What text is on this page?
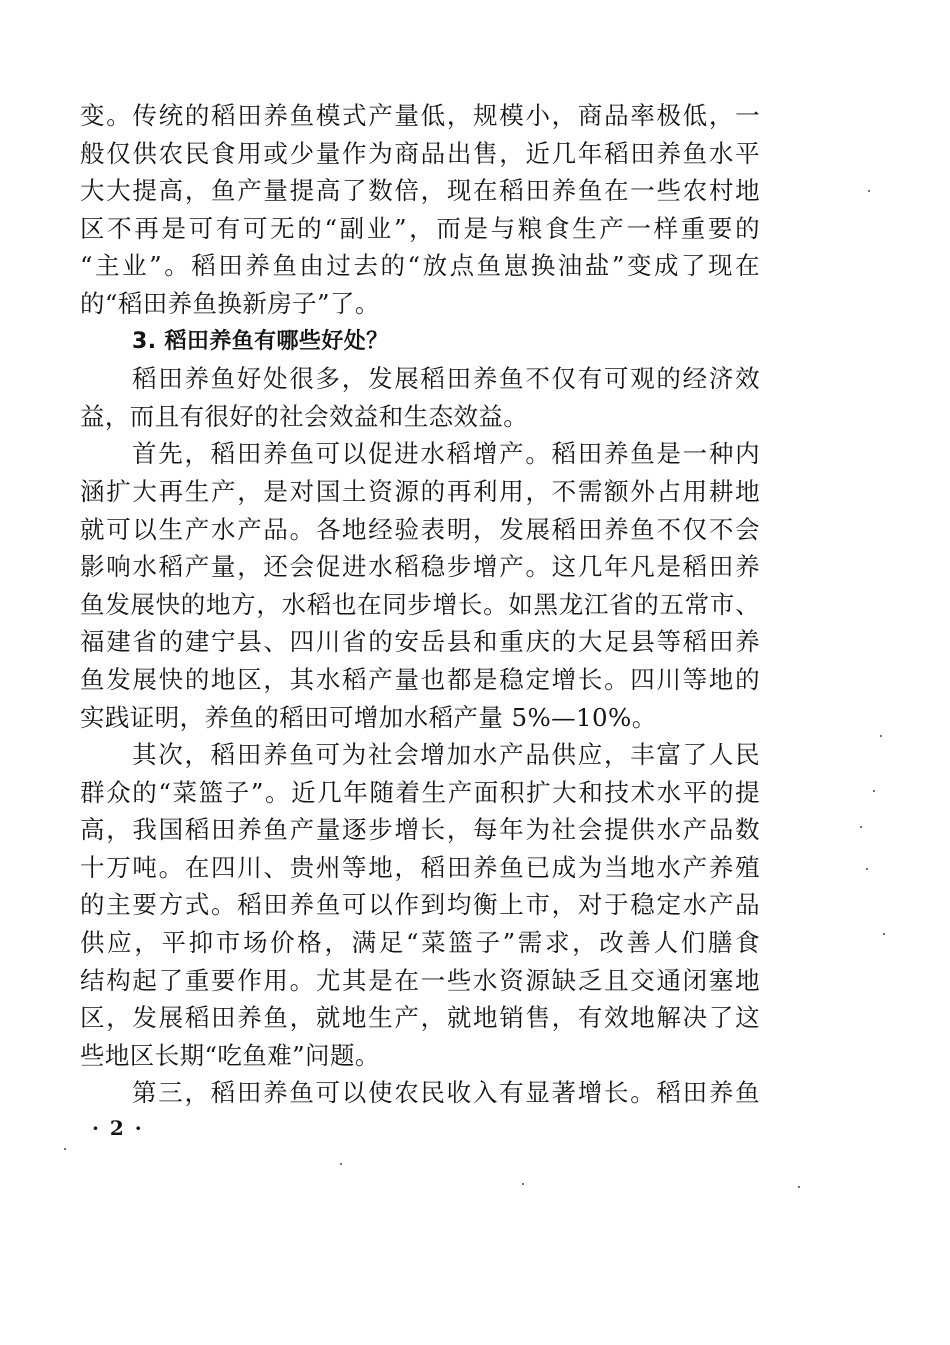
变。传统的稻田养鱼模式产量低，规模小，商品率极低，一
般仅供农民食用或少量作为商品出售，近几年稻田养鱼水平
大大提高，鱼产量提高了数倍，现在稻田养鱼在一些农村地
区不再是可有可无的“副业”，而是与粮食生产一样重要的
“主业”。稻田养鱼由过去的“放点鱼崽换油盐”变成了现在
的“稻田养鱼换新房子”了。
3. 稻田养鱼有哪些好处？
稻田养鱼好处很多，发展稻田养鱼不仅有可观的经济效
益，而且有很好的社会效益和生态效益。
首先，稻田养鱼可以促进水稻增产。稻田养鱼是一种内
涵扩大再生产，是对国土资源的再利用，不需额外占用耕地
就可以生产水产品。各地经验表明，发展稻田养鱼不仅不会
影响水稻产量，还会促进水稻稳步增产。这几年凡是稻田养
鱼发展快的地方，水稻也在同步增长。如黑龙江省的五常市、
福建省的建宁县、四川省的安岳县和重庆的大足县等稻田养
鱼发展快的地区，其水稻产量也都是稳定增长。四川等地的
实践证明，养鱼的稻田可增加水稻产量 5%—10%。
其次，稻田养鱼可为社会增加水产品供应，丰富了人民
群众的“菜篮子”。近几年随着生产面积扩大和技术水平的提
高，我国稻田养鱼产量逐步增长，每年为社会提供水产品数
十万吨。在四川、贵州等地，稻田养鱼已成为当地水产养殖
的主要方式。稻田养鱼可以作到均衡上市，对于稳定水产品
供应，平抑市场价格，满足“菜篮子”需求，改善人们膳食
结构起了重要作用。尤其是在一些水资源缺乏且交通闭塞地
区，发展稻田养鱼，就地生产，就地销售，有效地解决了这
些地区长期“吃鱼难”问题。
第三，稻田养鱼可以使农民收入有显著增长。稻田养鱼
· 2 ·
